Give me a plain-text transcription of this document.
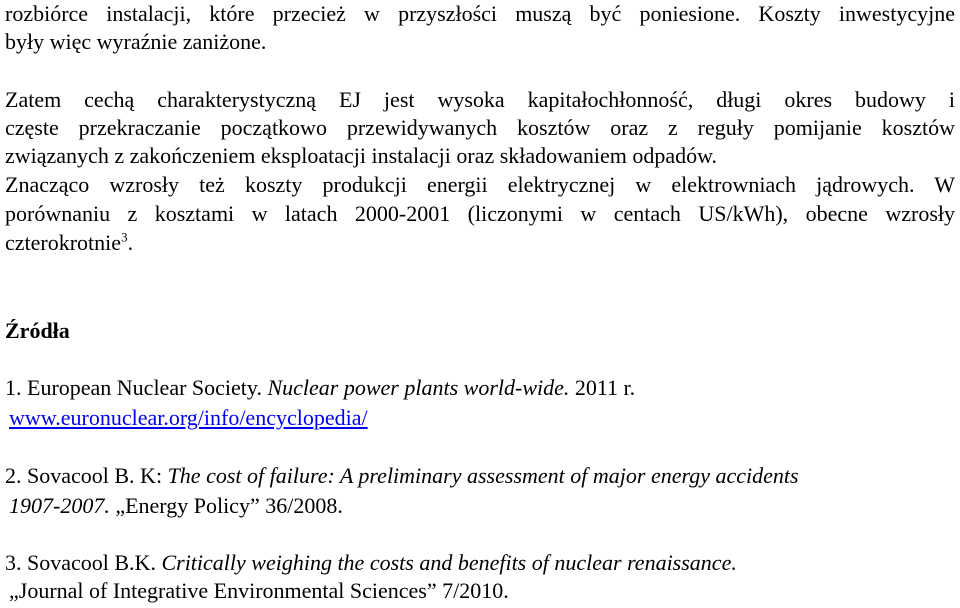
rozbiórce instalacji, które przecież w przyszłości muszą być poniesione. Koszty inwestycyjne
były więc wyraźnie zaniżone.
Zatem cechą charakterystyczną EJ jest wysoka kapitałochłonność, długi okres budowy i
częste przekraczanie początkowo przewidywanych kosztów oraz z reguły pomijanie kosztów
związanych z zakończeniem eksploatacji instalacji oraz składowaniem odpadów.
Znacząco wzrosły też koszty produkcji energii elektrycznej w elektrowniach jądrowych. W
porównaniu z kosztami w latach 2000-2001 (liczonymi w centach US/kWh), obecne wzrosły
czterokrotnie$^3$.
Źródła
1. European Nuclear Society. Nuclear power plants world-wide. 2011 r.
www.euronuclear.org/info/encyclopedia/
2. Sovacool B. K: The cost of failure: A preliminary assessment of major energy accidents
1907-2007. „Energy Policy” 36/2008.
3. Sovacool B.K. Critically weighing the costs and benefits of nuclear renaissance.
„Journal of Integrative Environmental Sciences” 7/2010.
